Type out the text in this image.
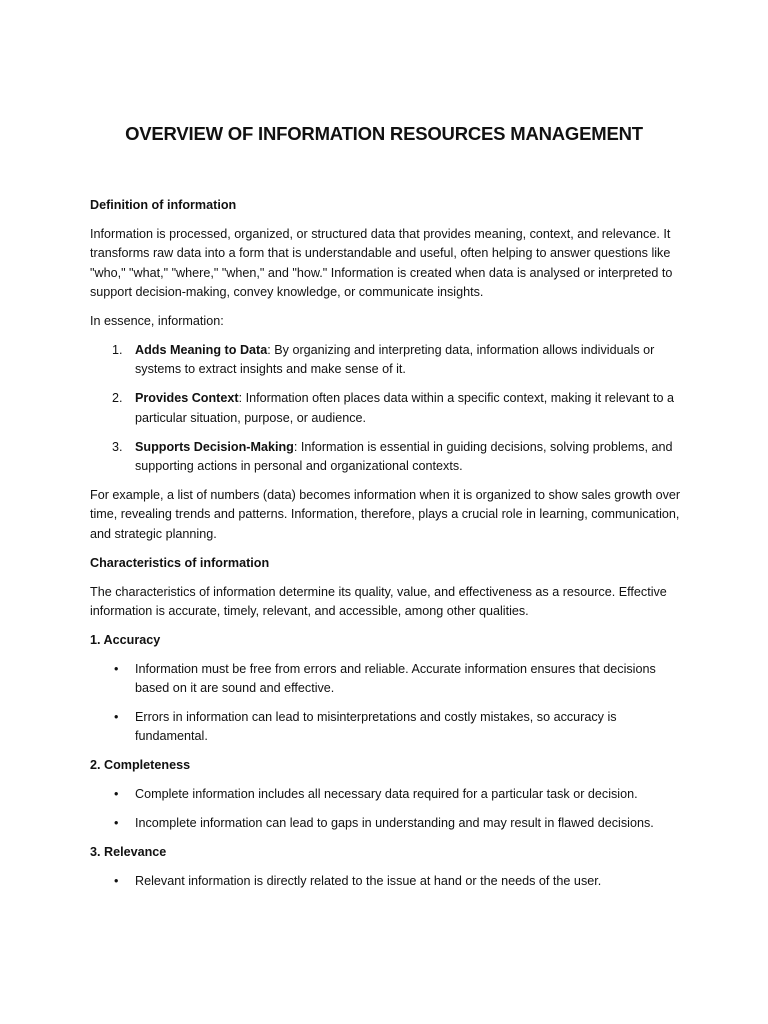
OVERVIEW OF INFORMATION RESOURCES MANAGEMENT

Definition of information

Information is processed, organized, or structured data that provides meaning, context, and relevance. It transforms raw data into a form that is understandable and useful, often helping to answer questions like "who," "what," "where," "when," and "how." Information is created when data is analysed or interpreted to support decision-making, convey knowledge, or communicate insights.

In essence, information:

1. Adds Meaning to Data: By organizing and interpreting data, information allows individuals or systems to extract insights and make sense of it.
2. Provides Context: Information often places data within a specific context, making it relevant to a particular situation, purpose, or audience.
3. Supports Decision-Making: Information is essential in guiding decisions, solving problems, and supporting actions in personal and organizational contexts.

For example, a list of numbers (data) becomes information when it is organized to show sales growth over time, revealing trends and patterns. Information, therefore, plays a crucial role in learning, communication, and strategic planning.

Characteristics of information

The characteristics of information determine its quality, value, and effectiveness as a resource. Effective information is accurate, timely, relevant, and accessible, among other qualities.

1. Accuracy

• Information must be free from errors and reliable. Accurate information ensures that decisions based on it are sound and effective.
• Errors in information can lead to misinterpretations and costly mistakes, so accuracy is fundamental.

2. Completeness

• Complete information includes all necessary data required for a particular task or decision.
• Incomplete information can lead to gaps in understanding and may result in flawed decisions.

3. Relevance

• Relevant information is directly related to the issue at hand or the needs of the user.
